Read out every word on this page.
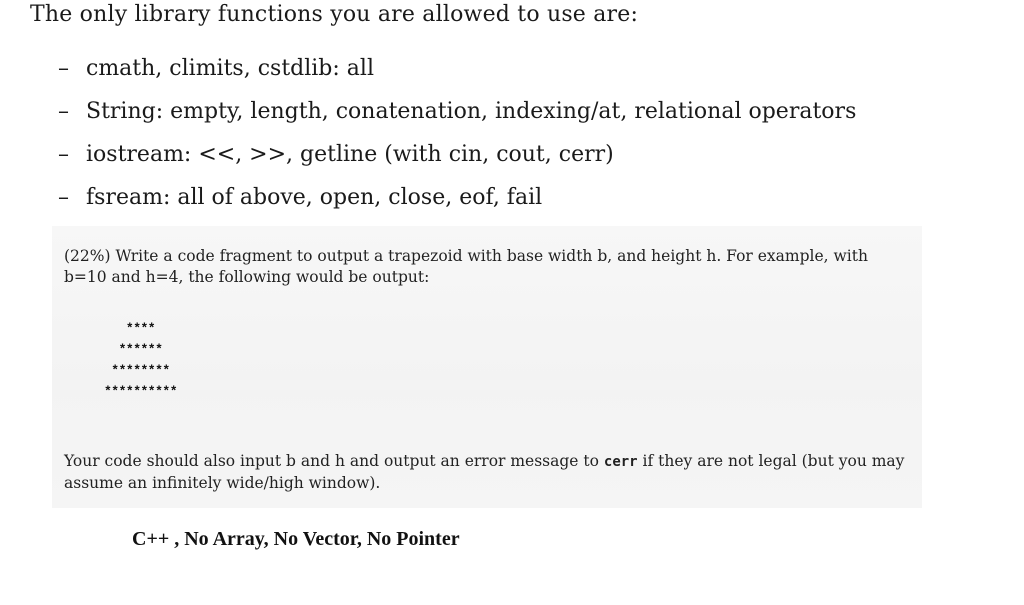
The only library functions you are allowed to use are:

– cmath, climits, cstdlib: all
– String: empty, length, conatenation, indexing/at, relational operators
– iostream: <<, >>, getline (with cin, cout, cerr)
– fsream: all of above, open, close, eof, fail

(22%) Write a code fragment to output a trapezoid with base width b, and height h. For example, with b=10 and h=4, the following would be output:

****
******
********
**********

Your code should also input b and h and output an error message to cerr if they are not legal (but you may assume an infinitely wide/high window).

C++ , No Array, No Vector, No Pointer
